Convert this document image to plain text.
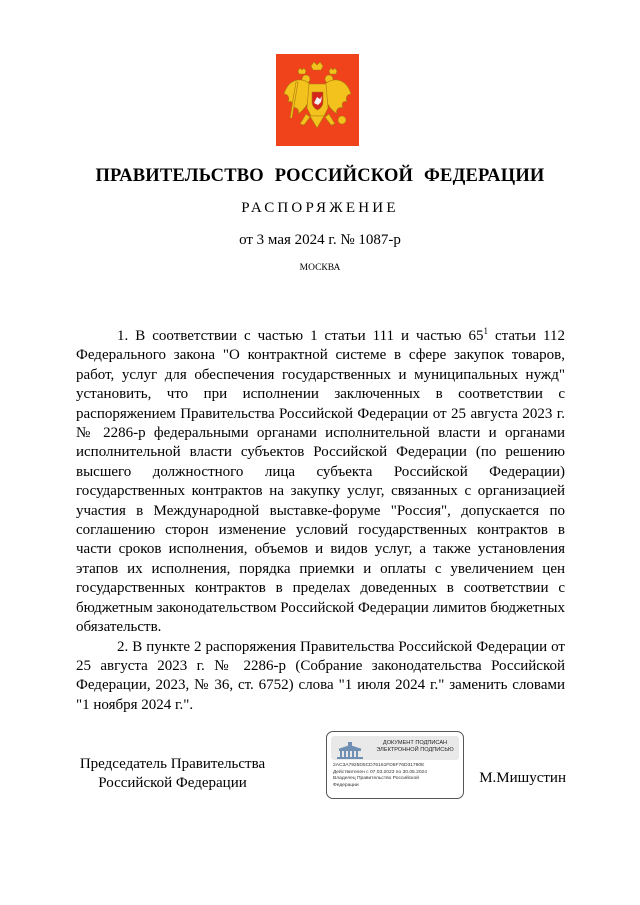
ПРАВИТЕЛЬСТВО РОССИЙСКОЙ ФЕДЕРАЦИИ
РАСПОРЯЖЕНИЕ
от 3 мая 2024 г. № 1087-р
МОСКВА

1. В соответствии с частью 1 статьи 111 и частью $65^1$ статьи 112 Федерального закона "О контрактной системе в сфере закупок товаров, работ, услуг для обеспечения государственных и муниципальных нужд" установить, что при исполнении заключенных в соответствии с распоряжением Правительства Российской Федерации от 25 августа 2023 г. № 2286-р федеральными органами исполнительной власти и органами исполнительной власти субъектов Российской Федерации (по решению высшего должностного лица субъекта Российской Федерации) государственных контрактов на закупку услуг, связанных с организацией участия в Международной выставке-форуме "Россия", допускается по соглашению сторон изменение условий государственных контрактов в части сроков исполнения, объемов и видов услуг, а также установления этапов их исполнения, порядка приемки и оплаты с увеличением цен государственных контрактов в пределах доведенных в соответствии с бюджетным законодательством Российской Федерации лимитов бюджетных обязательств.

2. В пункте 2 распоряжения Правительства Российской Федерации от 25 августа 2023 г. № 2286-р (Собрание законодательства Российской Федерации, 2023, № 36, ст. 6752) слова "1 июля 2024 г." заменить словами "1 ноября 2024 г.".

Председатель Правительства
Российской Федерации
ДОКУМЕНТ ПОДПИСАН
ЭЛЕКТРОННОЙ ПОДПИСЬЮ
2AC3A7925D5CD76161FD5F76D31790E
Действителен с 07.03.2023 по 30.05.2024
Владелец Правительство Российской
Федерации	М.Мишустин
